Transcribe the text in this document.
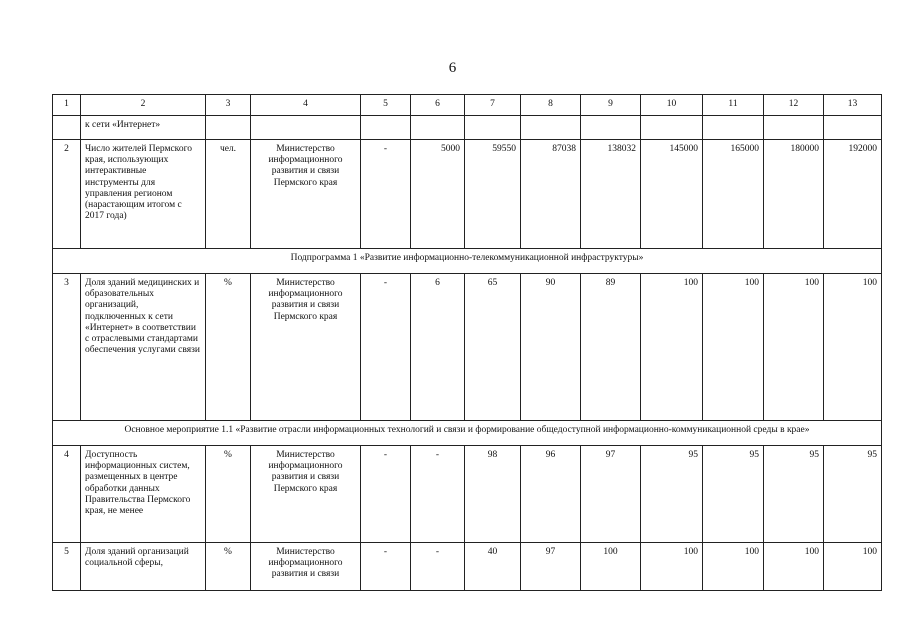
6
1	2	3	4	5	6	7	8	9	10	11	12	13
	к сети «Интернет»											
2	Число жителей Пермского края, использующих интерактивные инструменты для управления регионом (нарастающим итогом с 2017 года)	чел.	Министерство информационного развития и связи Пермского края	-	5000	59550	87038	138032	145000	165000	180000	192000
Подпрограмма 1 «Развитие информационно-телекоммуникационной инфраструктуры»												
3	Доля зданий медицинских и образовательных организаций, подключенных к сети «Интернет» в соответствии с отраслевыми стандартами обеспечения услугами связи	%	Министерство информационного развития и связи Пермского края	-	6	65	90	89	100	100	100	100
Основное мероприятие 1.1 «Развитие отрасли информационных технологий и связи и формирование общедоступной информационно-коммуникационной среды в крае»												
4	Доступность информационных систем, размещенных в центре обработки данных Правительства Пермского края, не менее	%	Министерство информационного развития и связи Пермского края	-	-	98	96	97	95	95	95	95
5	Доля зданий организаций социальной сферы,	%	Министерство информационного развития и связи	-	-	40	97	100	100	100	100	100
